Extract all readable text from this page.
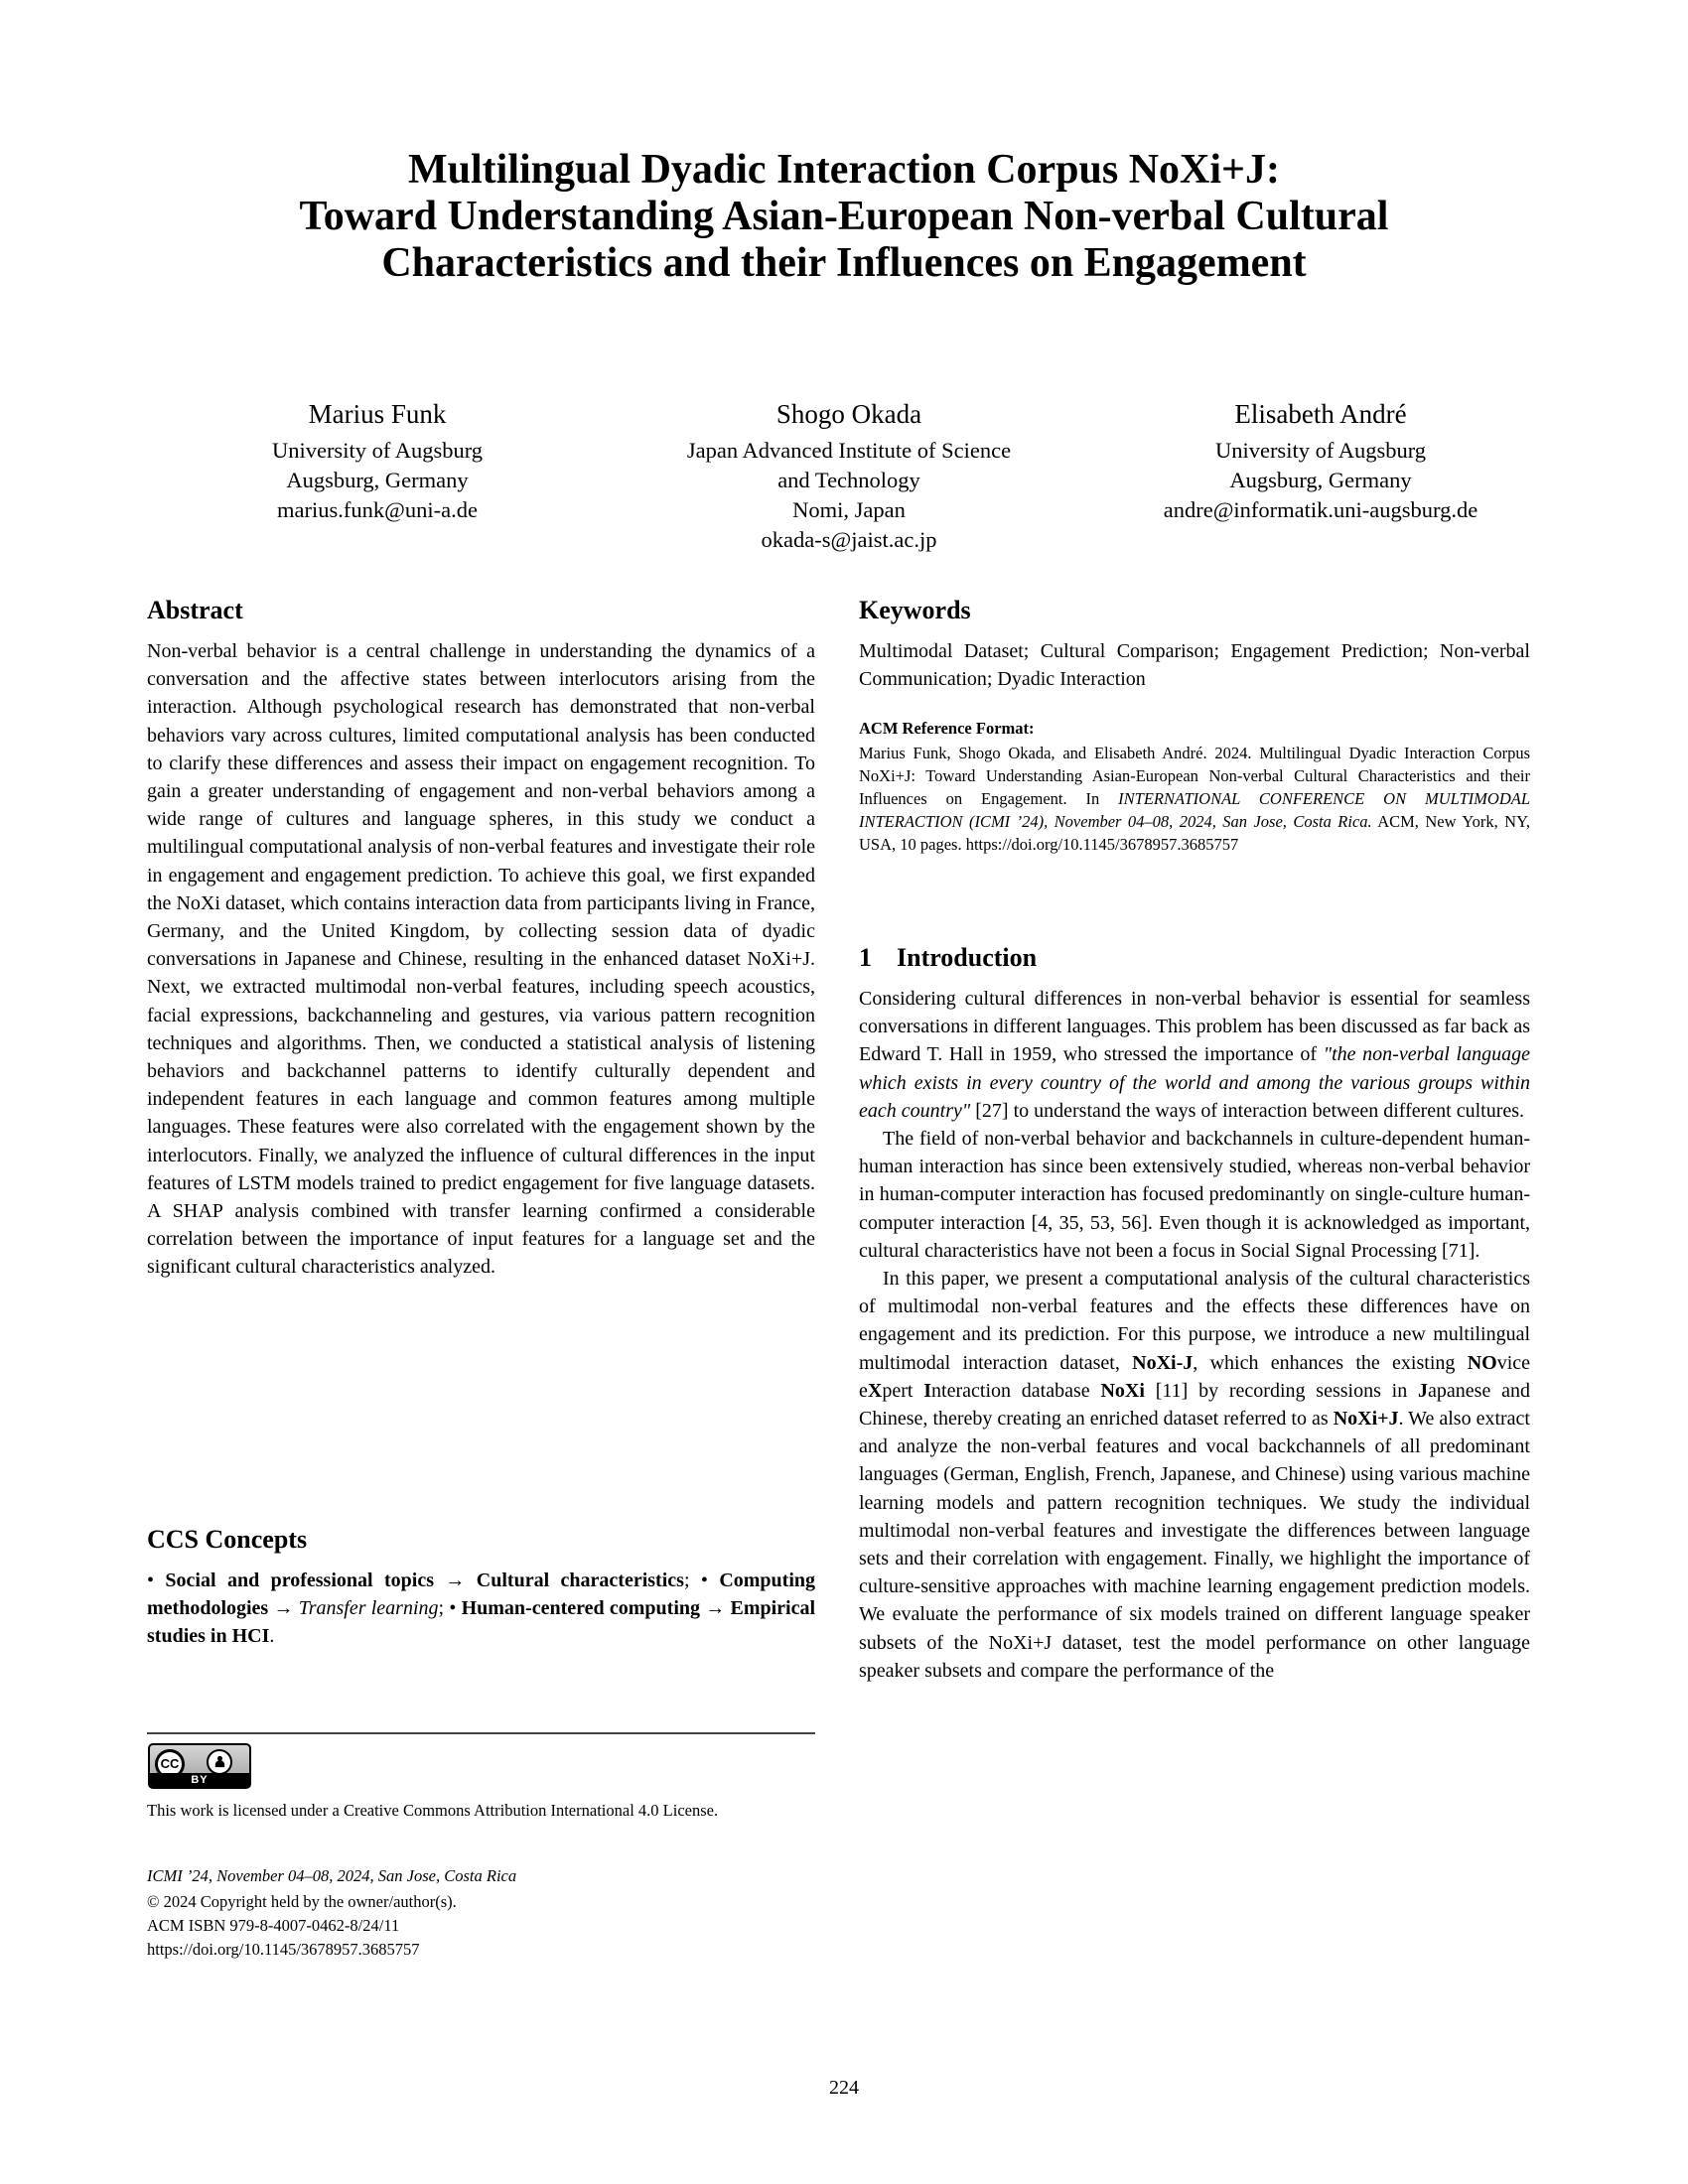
Multilingual Dyadic Interaction Corpus NoXi+J:
Toward Understanding Asian-European Non-verbal Cultural Characteristics and their Influences on Engagement
Marius Funk
University of Augsburg
Augsburg, Germany
marius.funk@uni-a.de
Shogo Okada
Japan Advanced Institute of Science
and Technology
Nomi, Japan
okada-s@jaist.ac.jp
Elisabeth André
University of Augsburg
Augsburg, Germany
andre@informatik.uni-augsburg.de
Abstract

Non-verbal behavior is a central challenge in understanding the dynamics of a conversation and the affective states between interlocutors arising from the interaction. Although psychological research has demonstrated that non-verbal behaviors vary across cultures, limited computational analysis has been conducted to clarify these differences and assess their impact on engagement recognition. To gain a greater understanding of engagement and non-verbal behaviors among a wide range of cultures and language spheres, in this study we conduct a multilingual computational analysis of non-verbal features and investigate their role in engagement and engagement prediction. To achieve this goal, we first expanded the NoXi dataset, which contains interaction data from participants living in France, Germany, and the United Kingdom, by collecting session data of dyadic conversations in Japanese and Chinese, resulting in the enhanced dataset NoXi+J. Next, we extracted multimodal non-verbal features, including speech acoustics, facial expressions, backchanneling and gestures, via various pattern recognition techniques and algorithms. Then, we conducted a statistical analysis of listening behaviors and backchannel patterns to identify culturally dependent and independent features in each language and common features among multiple languages. These features were also correlated with the engagement shown by the interlocutors. Finally, we analyzed the influence of cultural differences in the input features of LSTM models trained to predict engagement for five language datasets. A SHAP analysis combined with transfer learning confirmed a considerable correlation between the importance of input features for a language set and the significant cultural characteristics analyzed.

CCS Concepts

• Social and professional topics → Cultural characteristics; • Computing methodologies → Transfer learning; • Human-centered computing → Empirical studies in HCI.

CC
BY

This work is licensed under a Creative Commons Attribution International 4.0 License.

ICMI ’24, November 04–08, 2024, San Jose, Costa Rica
© 2024 Copyright held by the owner/author(s).
ACM ISBN 979-8-4007-0462-8/24/11
https://doi.org/10.1145/3678957.3685757
Keywords

Multimodal Dataset; Cultural Comparison; Engagement Prediction; Non-verbal Communication; Dyadic Interaction

ACM Reference Format:

Marius Funk, Shogo Okada, and Elisabeth André. 2024. Multilingual Dyadic Interaction Corpus NoXi+J: Toward Understanding Asian-European Non-verbal Cultural Characteristics and their Influences on Engagement. In INTERNATIONAL CONFERENCE ON MULTIMODAL INTERACTION (ICMI ’24), November 04–08, 2024, San Jose, Costa Rica. ACM, New York, NY, USA, 10 pages. https://doi.org/10.1145/3678957.3685757

1 Introduction

Considering cultural differences in non-verbal behavior is essential for seamless conversations in different languages. This problem has been discussed as far back as Edward T. Hall in 1959, who stressed the importance of "the non-verbal language which exists in every country of the world and among the various groups within each country" [27] to understand the ways of interaction between different cultures.

The field of non-verbal behavior and backchannels in culture-dependent human-human interaction has since been extensively studied, whereas non-verbal behavior in human-computer interaction has focused predominantly on single-culture human-computer interaction [4, 35, 53, 56]. Even though it is acknowledged as important, cultural characteristics have not been a focus in Social Signal Processing [71].

In this paper, we present a computational analysis of the cultural characteristics of multimodal non-verbal features and the effects these differences have on engagement and its prediction. For this purpose, we introduce a new multilingual multimodal interaction dataset, NoXi-J, which enhances the existing NOvice eXpert Interaction database NoXi [11] by recording sessions in Japanese and Chinese, thereby creating an enriched dataset referred to as NoXi+J. We also extract and analyze the non-verbal features and vocal backchannels of all predominant languages (German, English, French, Japanese, and Chinese) using various machine learning models and pattern recognition techniques. We study the individual multimodal non-verbal features and investigate the differences between language sets and their correlation with engagement. Finally, we highlight the importance of culture-sensitive approaches with machine learning engagement prediction models. We evaluate the performance of six models trained on different language speaker subsets of the NoXi+J dataset, test the model performance on other language speaker subsets and compare the performance of the

224
